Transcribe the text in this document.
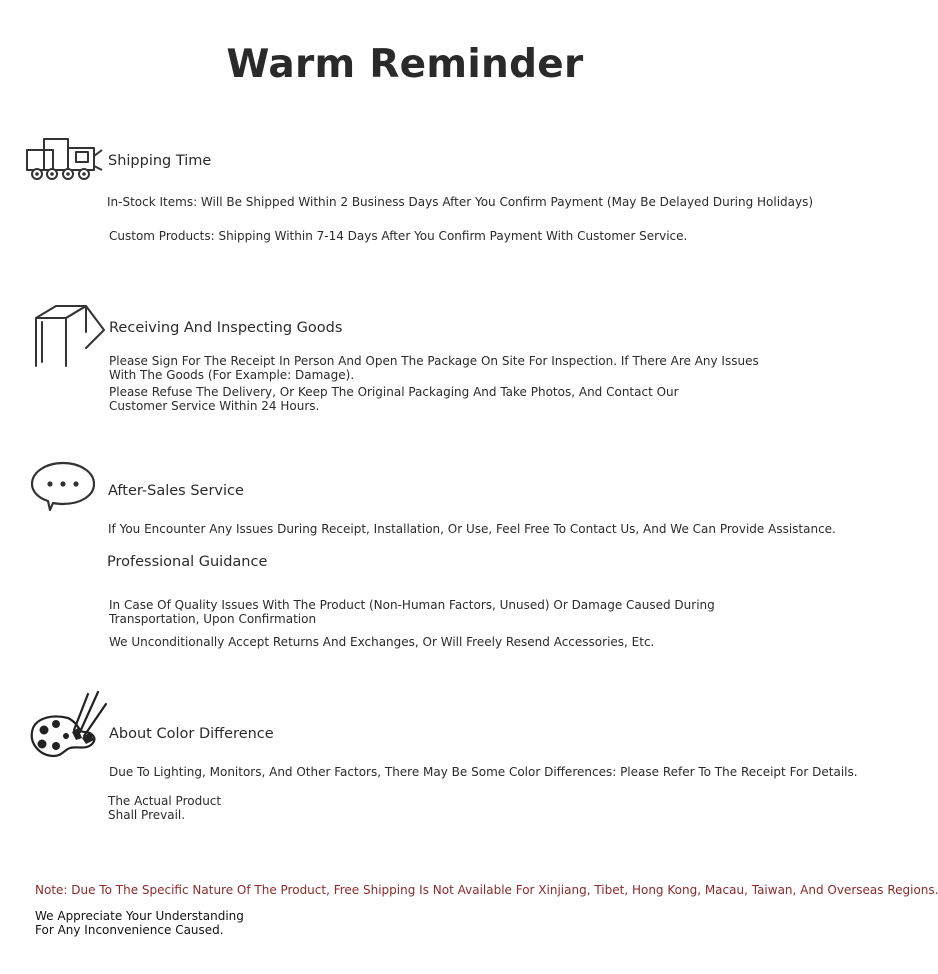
Warm Reminder
Shipping Time
In-Stock Items: Will Be Shipped Within 2 Business Days After You Confirm Payment (May Be Delayed During Holidays)
Custom Products: Shipping Within 7-14 Days After You Confirm Payment With Customer Service.
Receiving And Inspecting Goods
Please Sign For The Receipt In Person And Open The Package On Site For Inspection. If There Are Any Issues With The Goods (For Example: Damage).
Please Refuse The Delivery, Or Keep The Original Packaging And Take Photos, And Contact Our Customer Service Within 24 Hours.
After-Sales Service
If You Encounter Any Issues During Receipt, Installation, Or Use, Feel Free To Contact Us, And We Can Provide Assistance.
Professional Guidance
In Case Of Quality Issues With The Product (Non-Human Factors, Unused) Or Damage Caused During Transportation, Upon Confirmation
We Unconditionally Accept Returns And Exchanges, Or Will Freely Resend Accessories, Etc.
About Color Difference
Due To Lighting, Monitors, And Other Factors, There May Be Some Color Differences: Please Refer To The Receipt For Details.
The Actual Product Shall Prevail.
Note: Due To The Specific Nature Of The Product, Free Shipping Is Not Available For Xinjiang, Tibet, Hong Kong, Macau, Taiwan, And Overseas Regions.
We Appreciate Your Understanding For Any Inconvenience Caused.
